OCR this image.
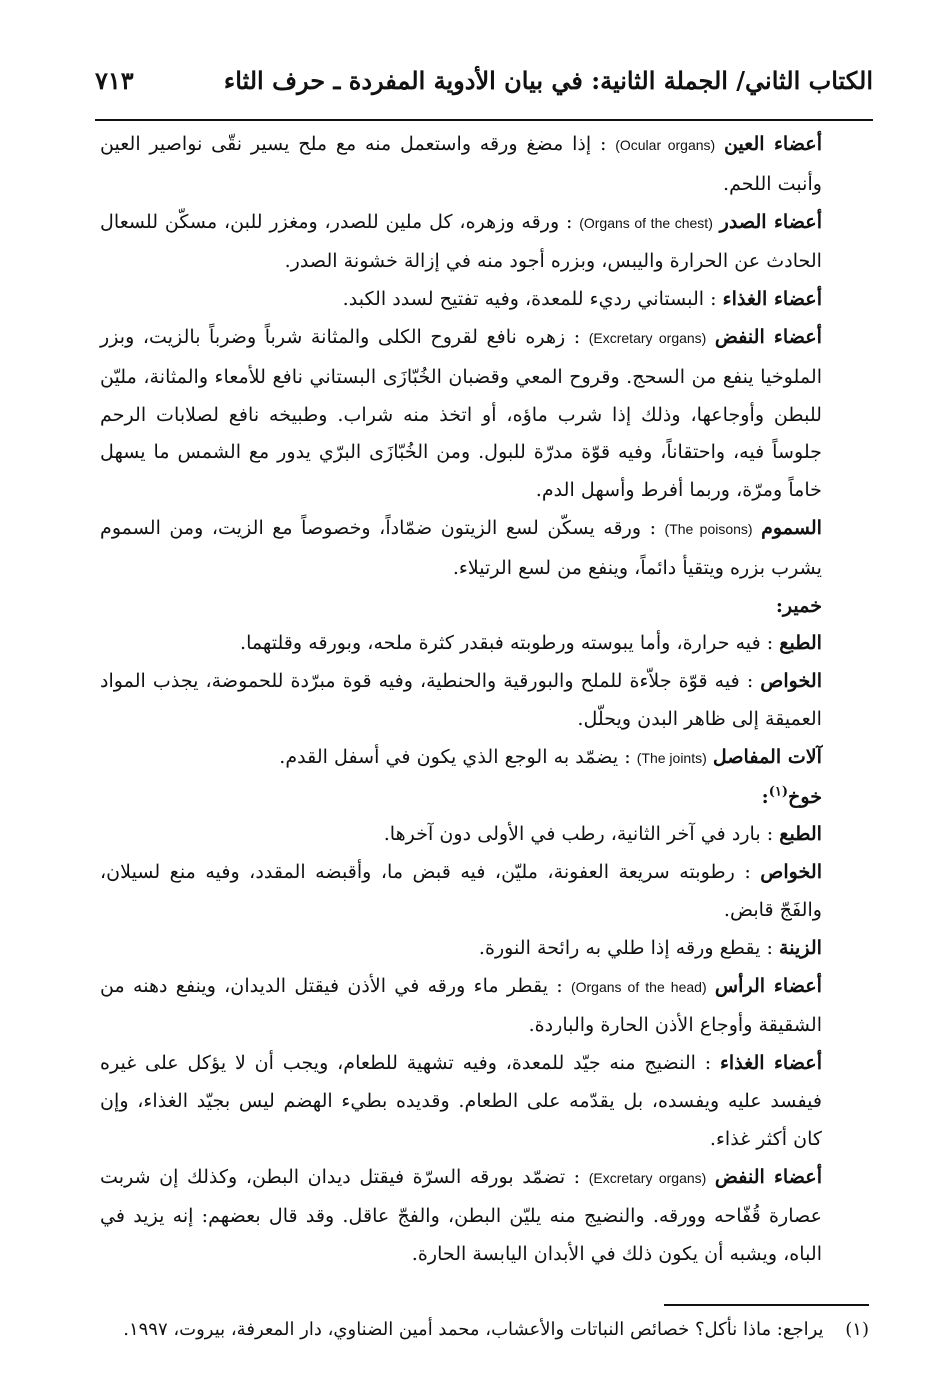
الكتاب الثاني/ الجملة الثانية: في بيان الأدوية المفردة ـ حرف الثاء
٧١٣

أعضاء العين (Ocular organs) : إذا مضغ ورقه واستعمل منه مع ملح يسير نقّى نواصير العين وأنبت اللحم.

أعضاء الصدر (Organs of the chest) : ورقه وزهره، كل ملين للصدر، ومغزر للبن، مسكّن للسعال الحادث عن الحرارة واليبس، وبزره أجود منه في إزالة خشونة الصدر.

أعضاء الغذاء : البستاني رديء للمعدة، وفيه تفتيح لسدد الكبد.

أعضاء النفض (Excretary organs) : زهره نافع لقروح الكلى والمثانة شرباً وضرباً بالزيت، وبزر الملوخيا ينفع من السحج. وقروح المعي وقضبان الخُبّازَى البستاني نافع للأمعاء والمثانة، مليّن للبطن وأوجاعها، وذلك إذا شرب ماؤه، أو اتخذ منه شراب. وطبيخه نافع لصلابات الرحم جلوساً فيه، واحتقاناً، وفيه قوّة مدرّة للبول. ومن الخُبّازَى البرّي يدور مع الشمس ما يسهل خاماً ومرّة، وربما أفرط وأسهل الدم.

السموم (The poisons) : ورقه يسكّن لسع الزيتون ضمّاداً، وخصوصاً مع الزيت، ومن السموم يشرب بزره ويتقيأ دائماً، وينفع من لسع الرتيلاء.

خمير:

الطبع : فيه حرارة، وأما يبوسته ورطوبته فبقدر كثرة ملحه، وبورقه وقلتهما.

الخواص : فيه قوّة جلاّءة للملح والبورقية والحنطية، وفيه قوة مبرّدة للحموضة، يجذب المواد العميقة إلى ظاهر البدن ويحلّل.

آلات المفاصل (The joints) : يضمّد به الوجع الذي يكون في أسفل القدم.

خوخ$^{(١)}$:

الطبع : بارد في آخر الثانية، رطب في الأولى دون آخرها.

الخواص : رطوبته سريعة العفونة، مليّن، فيه قبض ما، وأقبضه المقدد، وفيه منع لسيلان، والفَجّ قابض.

الزينة : يقطع ورقه إذا طلي به رائحة النورة.

أعضاء الرأس (Organs of the head) : يقطر ماء ورقه في الأذن فيقتل الديدان، وينفع دهنه من الشقيقة وأوجاع الأذن الحارة والباردة.

أعضاء الغذاء : النضيج منه جيّد للمعدة، وفيه تشهية للطعام، ويجب أن لا يؤكل على غيره فيفسد عليه ويفسده، بل يقدّمه على الطعام. وقديده بطيء الهضم ليس بجيّد الغذاء، وإن كان أكثر غذاء.

أعضاء النفض (Excretary organs) : تضمّد بورقه السرّة فيقتل ديدان البطن، وكذلك إن شربت عصارة قُفّاحه وورقه. والنضيج منه يليّن البطن، والفجّ عاقل. وقد قال بعضهم: إنه يزيد في الباه، ويشبه أن يكون ذلك في الأبدان اليابسة الحارة.

(١) يراجع: ماذا نأكل؟ خصائص النباتات والأعشاب، محمد أمين الضناوي، دار المعرفة، بيروت، ١٩٩٧.
